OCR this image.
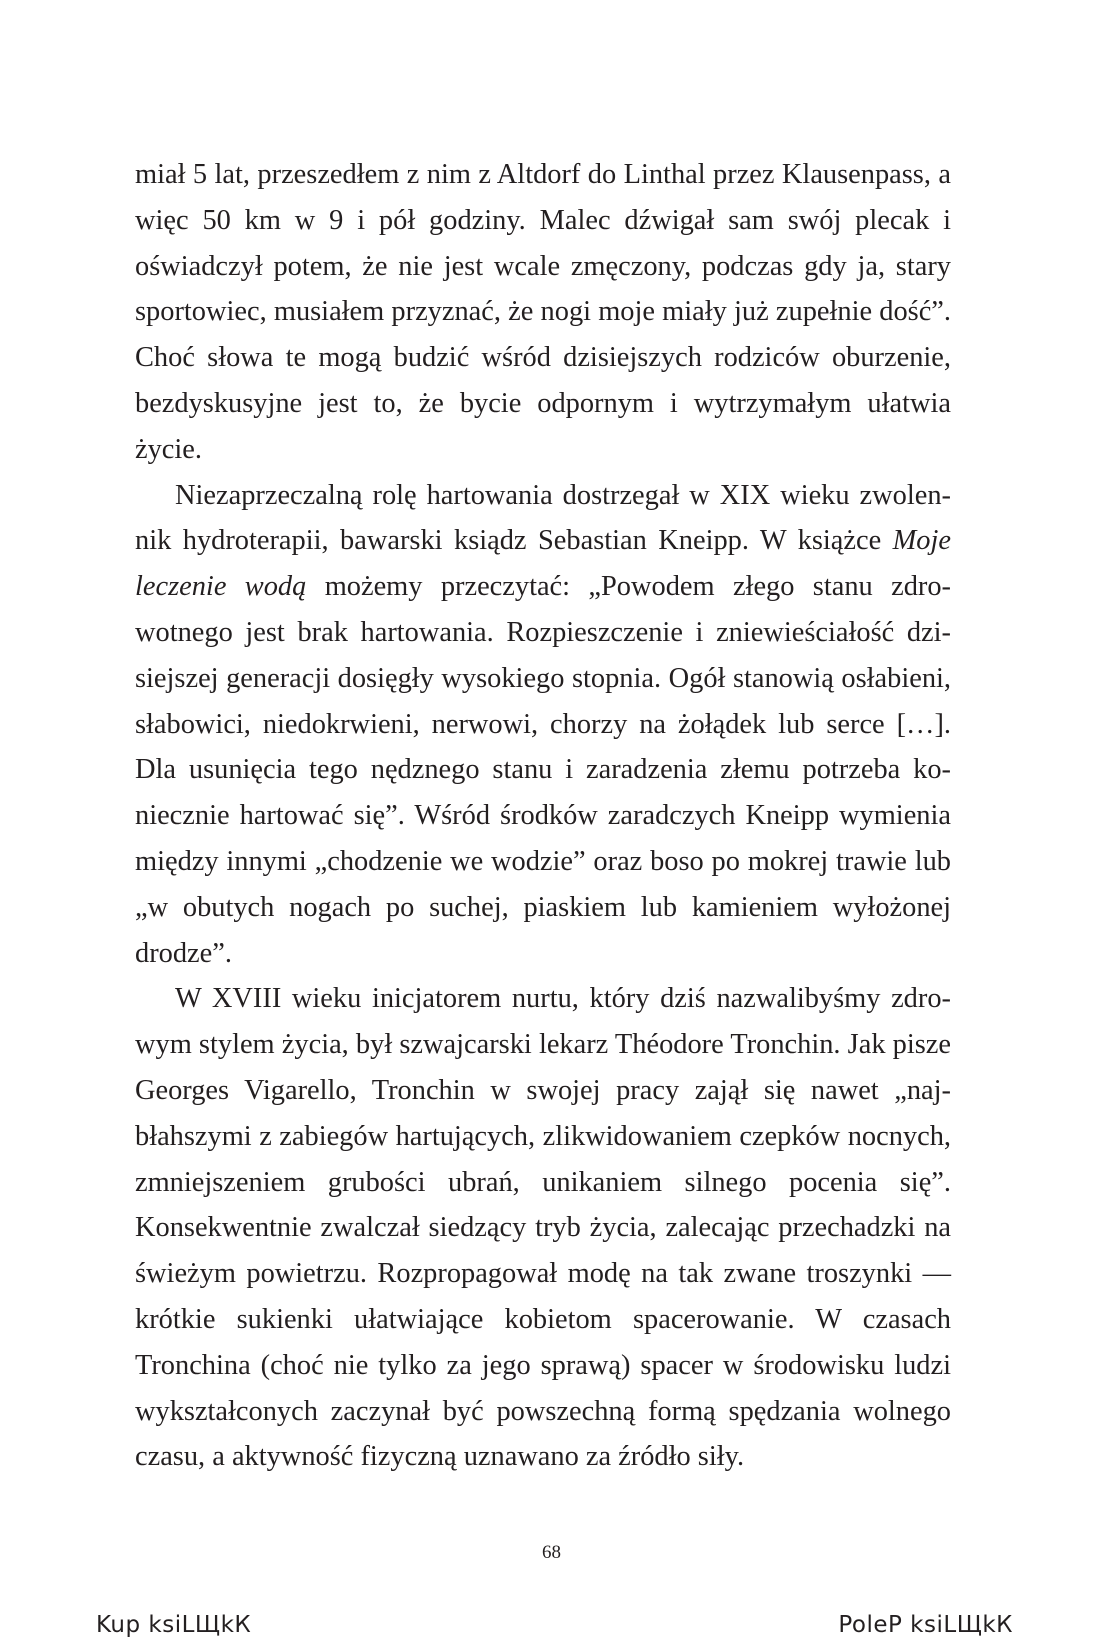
miał 5 lat, przeszedłem z nim z Altdorf do Linthal przez Klausenpass, a więc 50 km w 9 i pół godziny. Malec dźwigał sam swój plecak i oświadczył potem, że nie jest wcale zmęczony, podczas gdy ja, stary sportowiec, musiałem przyznać, że nogi moje miały już zupełnie dość”. Choć słowa te mogą budzić wśród dzisiejszych rodziców oburzenie, bezdyskusyjne jest to, że bycie odpornym i wytrzymałym ułatwia życie.

Niezaprzeczalną rolę hartowania dostrzegał w XIX wieku zwolennik hydroterapii, bawarski ksiądz Sebastian Kneipp. W książce Moje leczenie wodą możemy przeczytać: „Powodem złego stanu zdrowotnego jest brak hartowania. Rozpieszczenie i zniewieściałość dzisiejszej generacji dosięgły wysokiego stopnia. Ogół stanowią osłabieni, słabowici, niedokrwieni, nerwowi, chorzy na żołądek lub serce […]. Dla usunięcia tego nędznego stanu i zaradzenia złemu potrzeba koniecznie hartować się”. Wśród środków zaradczych Kneipp wymienia między innymi „chodzenie we wodzie” oraz boso po mokrej trawie lub „w obutych nogach po suchej, piaskiem lub kamieniem wyłożonej drodze”.

W XVIII wieku inicjatorem nurtu, który dziś nazwalibyśmy zdrowym stylem życia, był szwajcarski lekarz Théodore Tronchin. Jak pisze Georges Vigarello, Tronchin w swojej pracy zajął się nawet „najbłahszymi z zabiegów hartujących, zlikwidowaniem czepków nocnych, zmniejszeniem grubości ubrań, unikaniem silnego pocenia się”. Konsekwentnie zwalczał siedzący tryb życia, zalecając przechadzki na świeżym powietrzu. Rozpropagował modę na tak zwane troszynki — krótkie sukienki ułatwiające kobietom spacerowanie. W czasach Tronchina (choć nie tylko za jego sprawą) spacer w środowisku ludzi wykształconych zaczynał być powszechną formą spędzania wolnego czasu, a aktywność fizyczną uznawano za źródło siły.

68
Kup ksiLЩkК	PoleР ksiLЩkК
